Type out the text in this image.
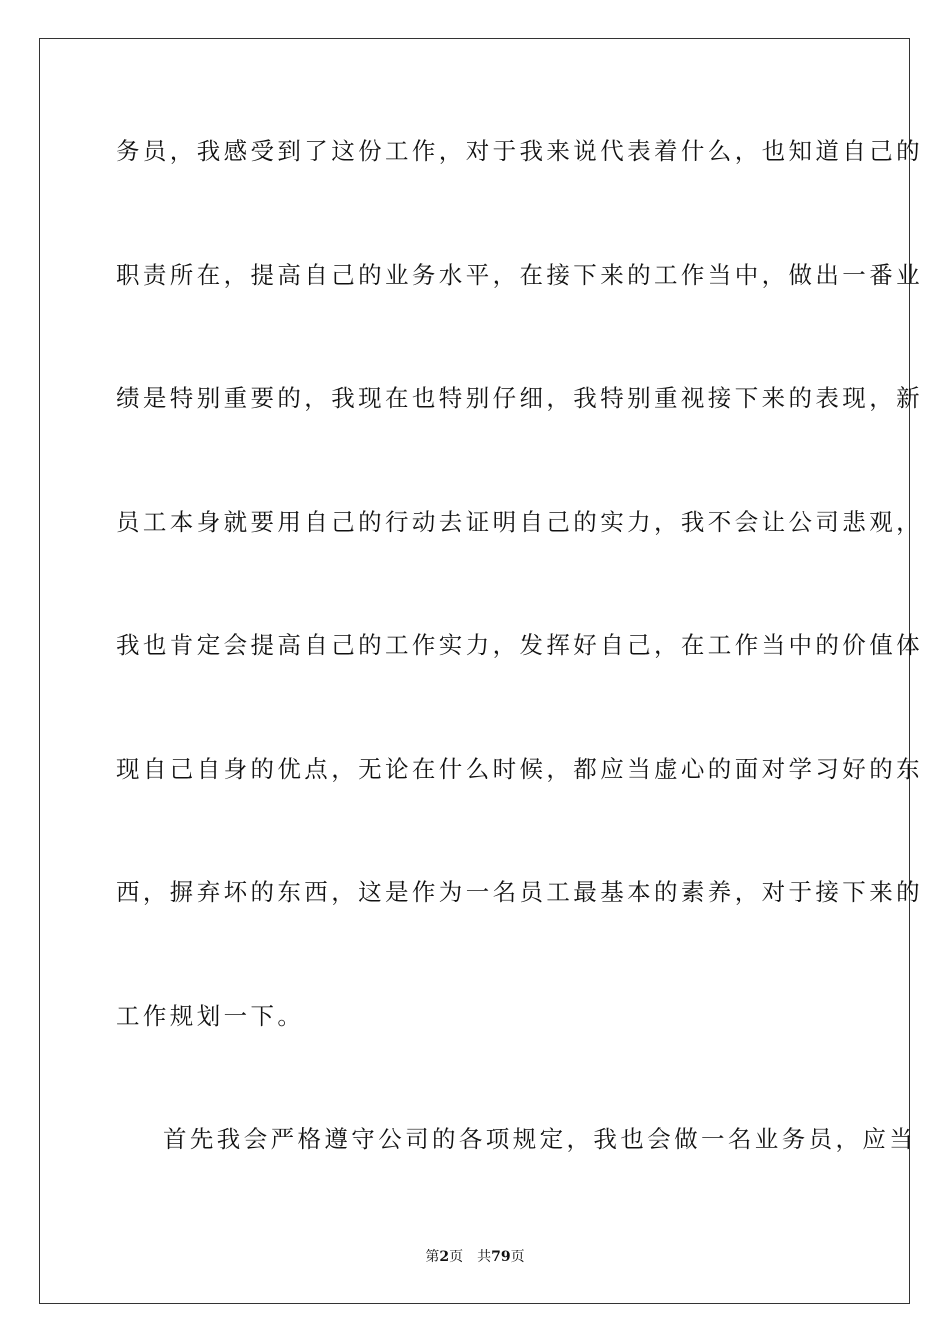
务员，我感受到了这份工作，对于我来说代表着什么，也知道自己的
职责所在，提高自己的业务水平，在接下来的工作当中，做出一番业
绩是特别重要的，我现在也特别仔细，我特别重视接下来的表现，新
员工本身就要用自己的行动去证明自己的实力，我不会让公司悲观，
我也肯定会提高自己的工作实力，发挥好自己，在工作当中的价值体
现自己自身的优点，无论在什么时候，都应当虚心的面对学习好的东
西，摒弃坏的东西，这是作为一名员工最基本的素养，对于接下来的
工作规划一下。
首先我会严格遵守公司的各项规定，我也会做一名业务员，应当
第2页 共79页
